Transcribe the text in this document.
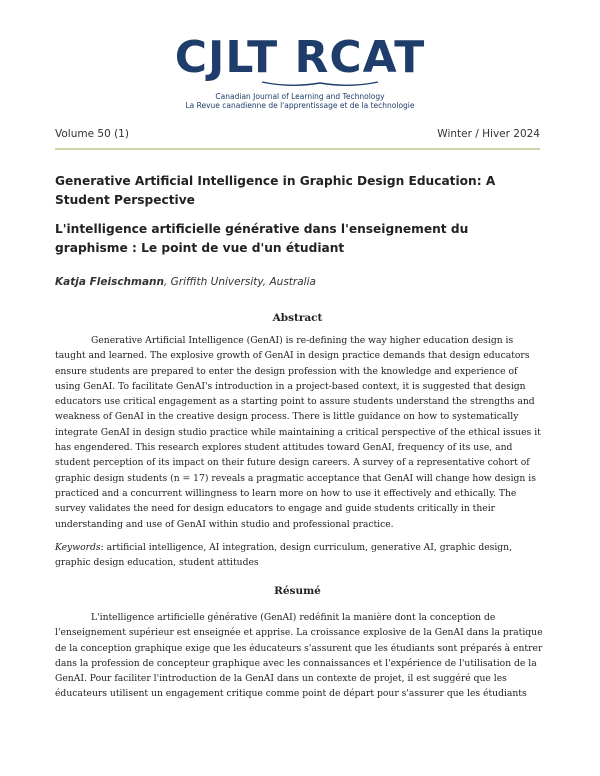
CJLT RCAT
Canadian Journal of Learning and Technology
La Revue canadienne de l'apprentissage et de la technologie
Volume 50 (1)	Winter / Hiver 2024

Generative Artificial Intelligence in Graphic Design Education: A Student Perspective

L'intelligence artificielle générative dans l'enseignement du graphisme : Le point de vue d'un étudiant

Katja Fleischmann, Griffith University, Australia
Abstract

Generative Artificial Intelligence (GenAI) is re-defining the way higher education design is taught and learned. The explosive growth of GenAI in design practice demands that design educators ensure students are prepared to enter the design profession with the knowledge and experience of using GenAI. To facilitate GenAI's introduction in a project-based context, it is suggested that design educators use critical engagement as a starting point to assure students understand the strengths and weakness of GenAI in the creative design process. There is little guidance on how to systematically integrate GenAI in design studio practice while maintaining a critical perspective of the ethical issues it has engendered. This research explores student attitudes toward GenAI, frequency of its use, and student perception of its impact on their future design careers. A survey of a representative cohort of graphic design students (n = 17) reveals a pragmatic acceptance that GenAI will change how design is practiced and a concurrent willingness to learn more on how to use it effectively and ethically. The survey validates the need for design educators to engage and guide students critically in their understanding and use of GenAI within studio and professional practice.

Keywords: artificial intelligence, AI integration, design curriculum, generative AI, graphic design, graphic design education, student attitudes

Résumé

L'intelligence artificielle générative (GenAI) redéfinit la manière dont la conception de l'enseignement supérieur est enseignée et apprise. La croissance explosive de la GenAI dans la pratique de la conception graphique exige que les éducateurs s'assurent que les étudiants sont préparés à entrer dans la profession de concepteur graphique avec les connaissances et l'expérience de l'utilisation de la GenAI. Pour faciliter l'introduction de la GenAI dans un contexte de projet, il est suggéré que les éducateurs utilisent un engagement critique comme point de départ pour s'assurer que les étudiants
